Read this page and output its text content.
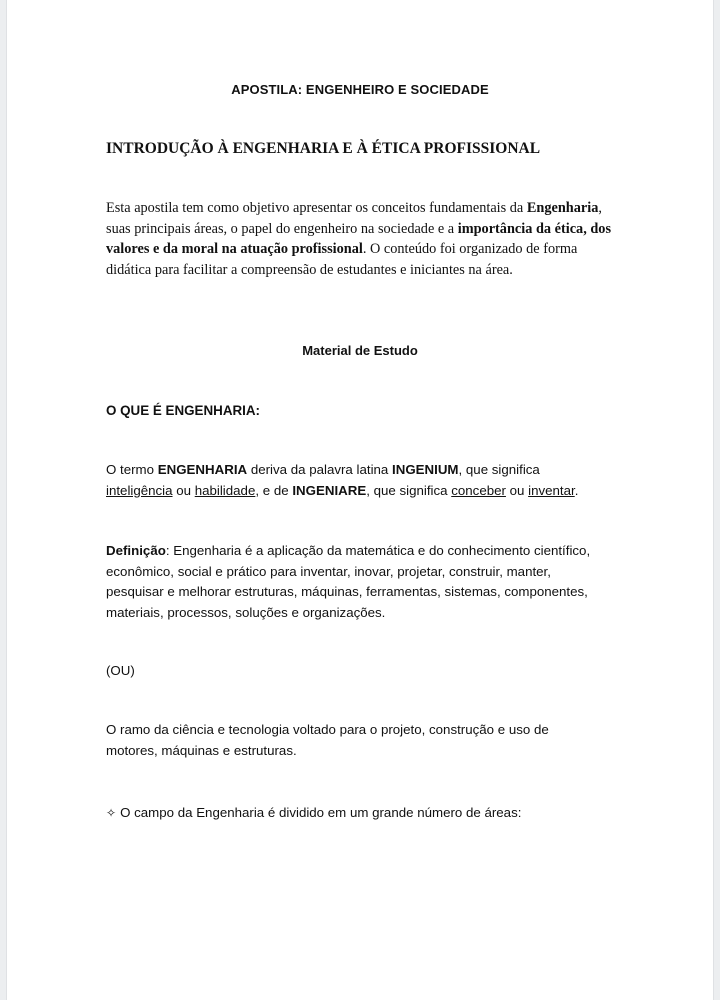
APOSTILA: ENGENHEIRO E SOCIEDADE
INTRODUÇÃO À ENGENHARIA E À ÉTICA PROFISSIONAL
Esta apostila tem como objetivo apresentar os conceitos fundamentais da Engenharia,
suas principais áreas, o papel do engenheiro na sociedade e a importância da ética, dos
valores e da moral na atuação profissional. O conteúdo foi organizado de forma
didática para facilitar a compreensão de estudantes e iniciantes na área.
Material de Estudo
O QUE É ENGENHARIA:
O termo ENGENHARIA deriva da palavra latina INGENIUM, que significa
inteligência ou habilidade, e de INGENIARE, que significa conceber ou inventar.
Definição: Engenharia é a aplicação da matemática e do conhecimento científico,
econômico, social e prático para inventar, inovar, projetar, construir, manter,
pesquisar e melhorar estruturas, máquinas, ferramentas, sistemas, componentes,
materiais, processos, soluções e organizações.
(OU)
O ramo da ciência e tecnologia voltado para o projeto, construção e uso de
motores, máquinas e estruturas.
✧ O campo da Engenharia é dividido em um grande número de áreas:
